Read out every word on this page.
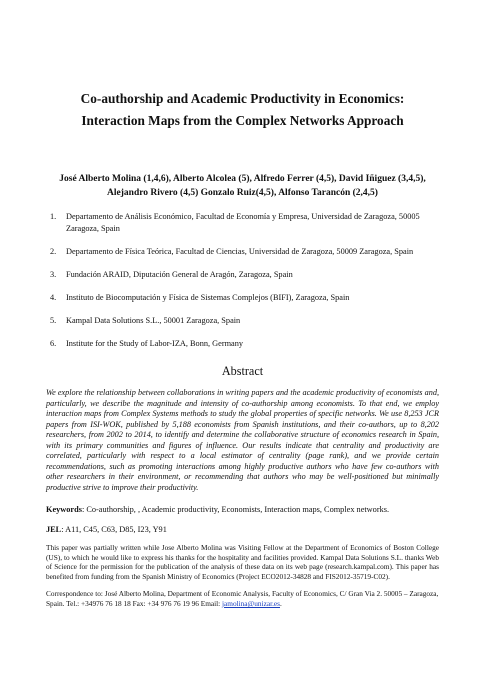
Co-authorship and Academic Productivity in Economics:
Interaction Maps from the Complex Networks Approach

José Alberto Molina (1,4,6), Alberto Alcolea (5), Alfredo Ferrer (4,5), David Iñiguez (3,4,5),
Alejandro Rivero (4,5) Gonzalo Ruiz(4,5), Alfonso Tarancón (2,4,5)

1.	Departamento de Análisis Económico, Facultad de Economía y Empresa, Universidad de Zaragoza, 50005 Zaragoza, Spain
2.	Departamento de Física Teórica, Facultad de Ciencias, Universidad de Zaragoza, 50009 Zaragoza, Spain
3.	Fundación ARAID, Diputación General de Aragón, Zaragoza, Spain
4.	Instituto de Biocomputación y Física de Sistemas Complejos (BIFI), Zaragoza, Spain
5.	Kampal Data Solutions S.L., 50001 Zaragoza, Spain
6.	Institute for the Study of Labor-IZA, Bonn, Germany
Abstract

We explore the relationship between collaborations in writing papers and the academic productivity of economists and, particularly, we describe the magnitude and intensity of co-authorship among economists. To that end, we employ interaction maps from Complex Systems methods to study the global properties of specific networks. We use 8,253 JCR papers from ISI-WOK, published by 5,188 economists from Spanish institutions, and their co-authors, up to 8,202 researchers, from 2002 to 2014, to identify and determine the collaborative structure of economics research in Spain, with its primary communities and figures of influence. Our results indicate that centrality and productivity are correlated, particularly with respect to a local estimator of centrality (page rank), and we provide certain recommendations, such as promoting interactions among highly productive authors who have few co-authors with other researchers in their environment, or recommending that authors who may be well-positioned but minimally productive strive to improve their productivity.

Keywords: Co-authorship, , Academic productivity, Economists, Interaction maps, Complex networks.

JEL: A11, C45, C63, D85, I23, Y91

This paper was partially written while Jose Alberto Molina was Visiting Fellow at the Department of Economics of Boston College (US), to which he would like to express his thanks for the hospitality and facilities provided. Kampal Data Solutions S.L. thanks Web of Science for the permission for the publication of the analysis of these data on its web page (research.kampal.com). This paper has benefited from funding from the Spanish Ministry of Economics (Project ECO2012-34828 and FIS2012-35719-C02).

Correspondence to: José Alberto Molina, Department of Economic Analysis, Faculty of Economics, C/ Gran Via 2. 50005 – Zaragoza, Spain. Tel.: +34976 76 18 18 Fax: +34 976 76 19 96 Email: jamolina@unizar.es.
